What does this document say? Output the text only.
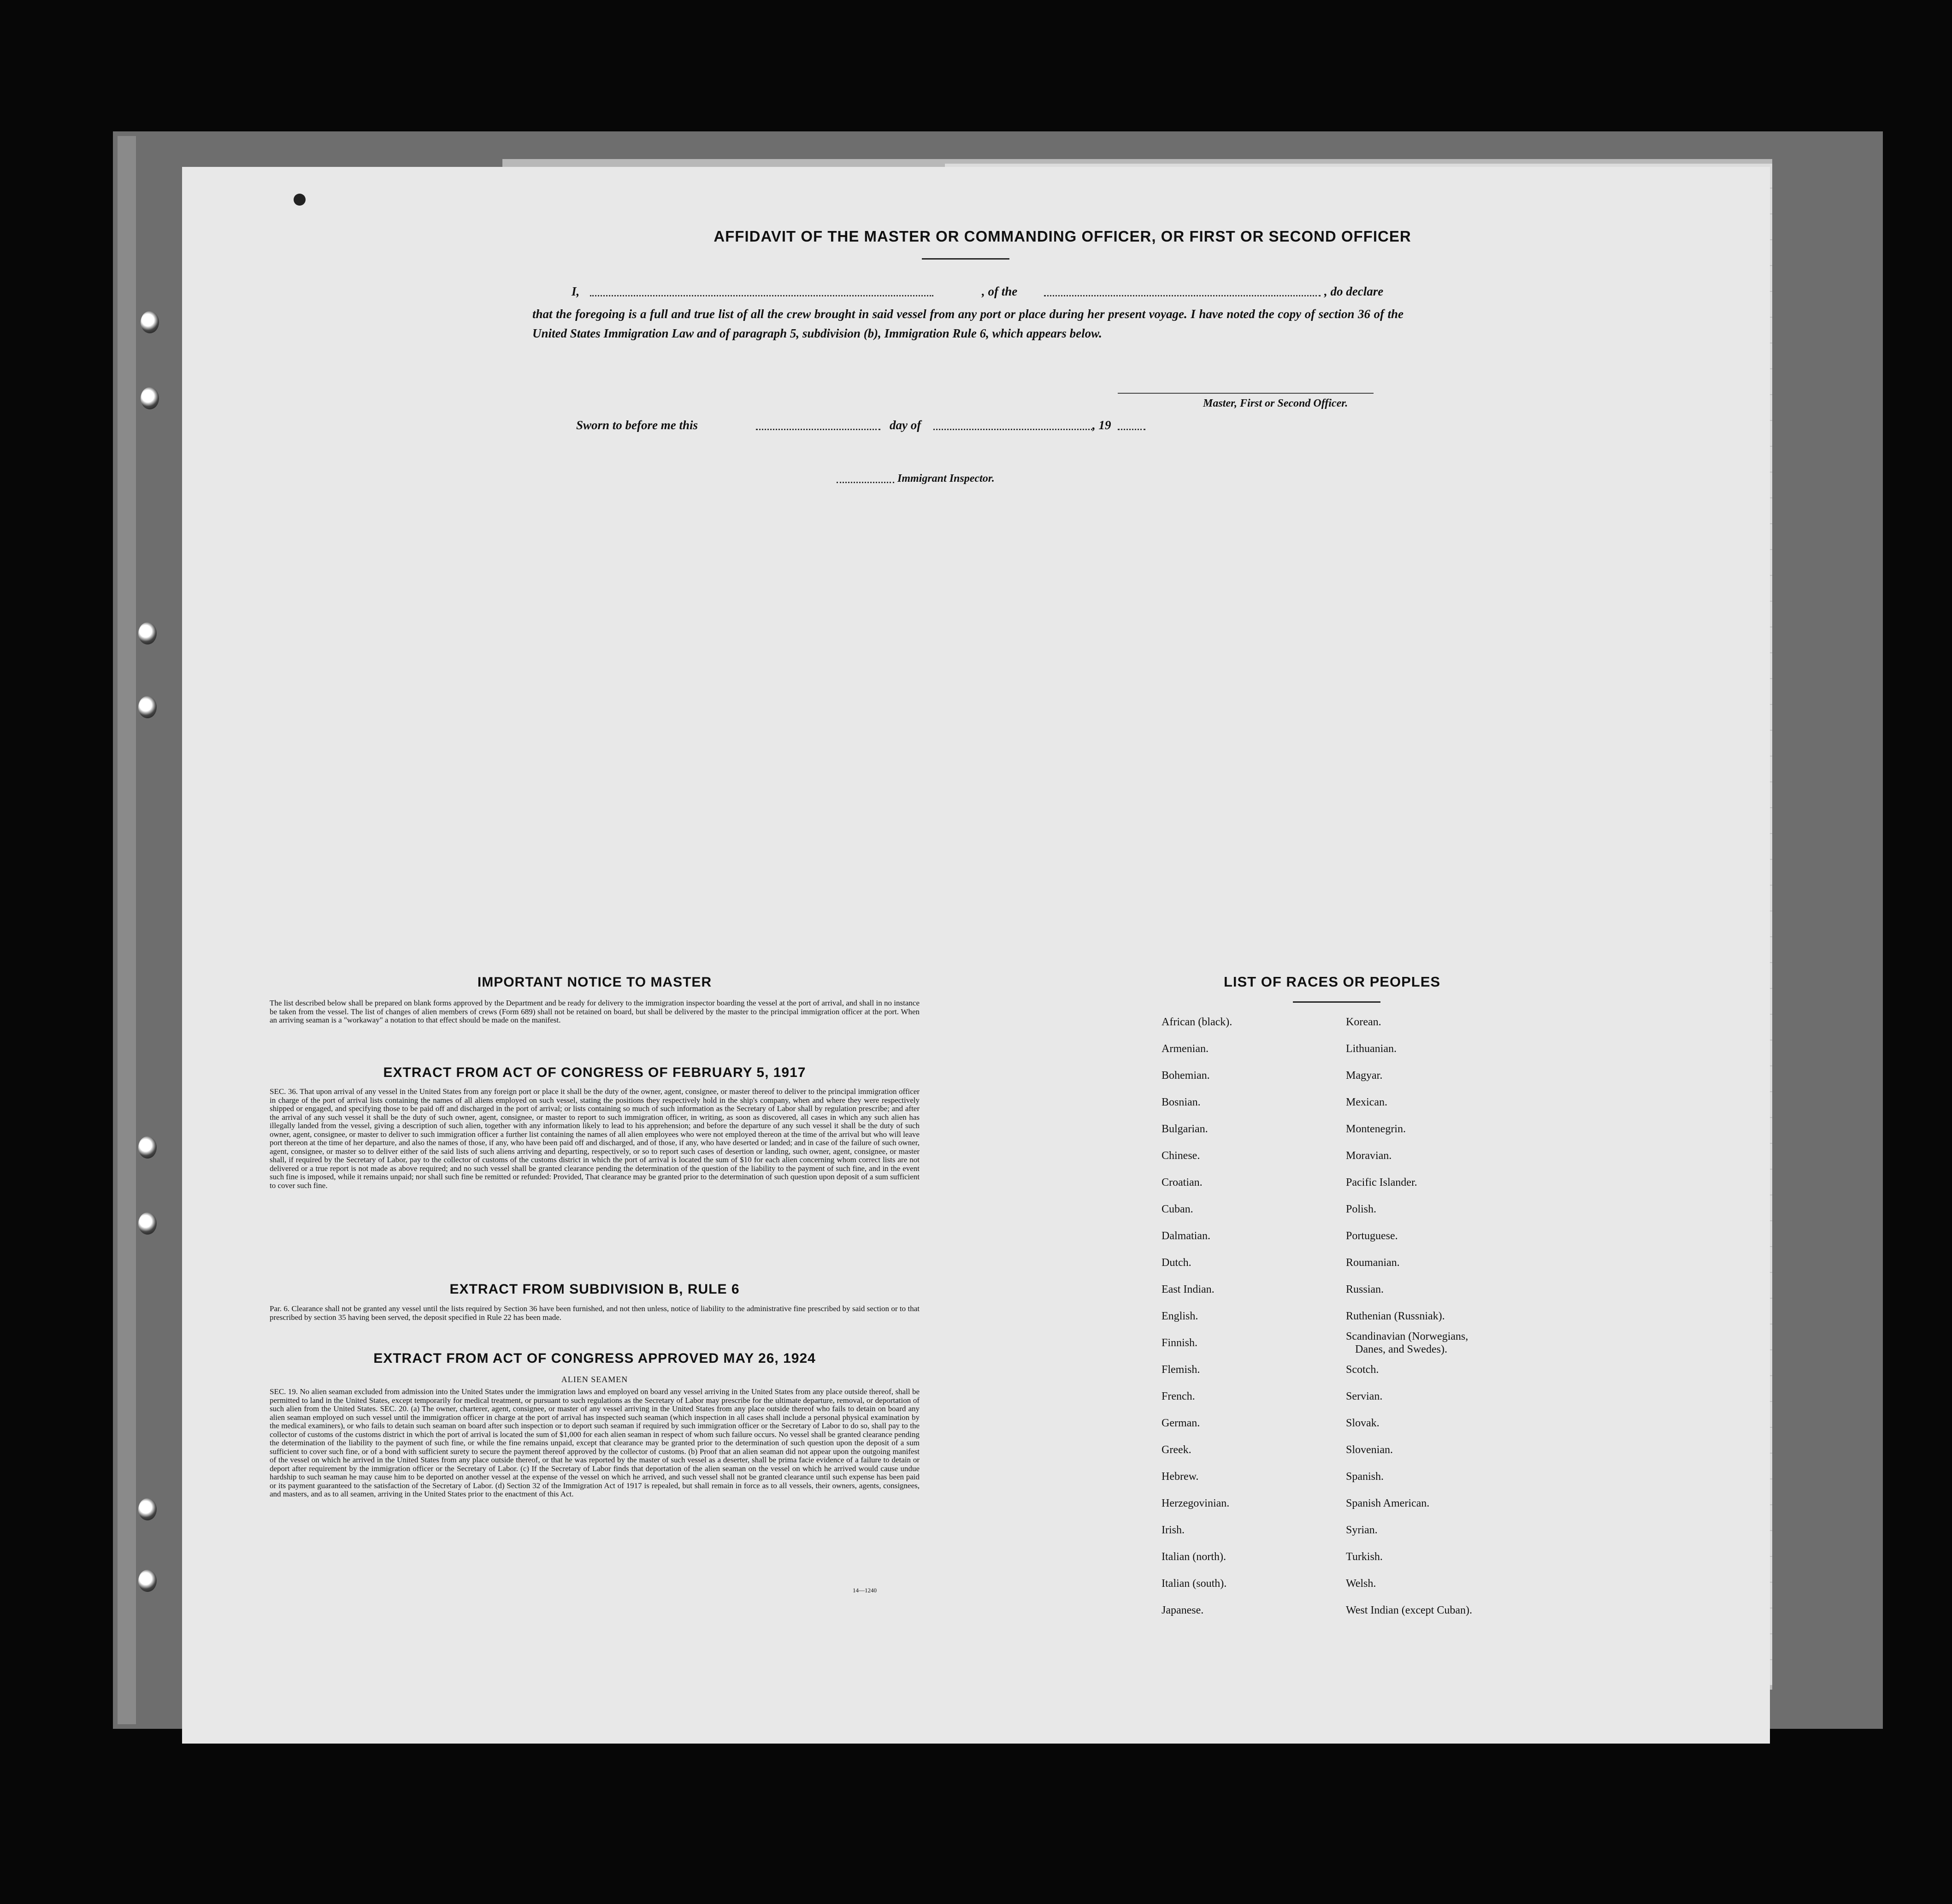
AFFIDAVIT OF THE MASTER OR COMMANDING OFFICER, OR FIRST OR SECOND OFFICER
I,	, of the	, do declare
that the foregoing is a full and true list of all the crew brought in said vessel from any port or place during her present voyage. I have noted the copy of section 36 of the United States Immigration Law and of paragraph 5, subdivision (b), Immigration Rule 6, which appears below.
Master, First or Second Officer.
Sworn to before me this	day of	, 19
Immigrant Inspector.
IMPORTANT NOTICE TO MASTER
The list described below shall be prepared on blank forms approved by the Department and be ready for delivery to the immigration inspector boarding the vessel at the port of arrival, and shall in no instance be taken from the vessel. The list of changes of alien members of crews (Form 689) shall not be retained on board, but shall be delivered by the master to the principal immigration officer at the port. When an arriving seaman is a "workaway" a notation to that effect should be made on the manifest.
EXTRACT FROM ACT OF CONGRESS OF FEBRUARY 5, 1917
SEC. 36. That upon arrival of any vessel in the United States from any foreign port or place it shall be the duty of the owner, agent, consignee, or master thereof to deliver to the principal immigration officer in charge of the port of arrival lists containing the names of all aliens employed on such vessel, stating the positions they respectively hold in the ship's company, when and where they were respectively shipped or engaged, and specifying those to be paid off and discharged in the port of arrival; or lists containing so much of such information as the Secretary of Labor shall by regulation prescribe; and after the arrival of any such vessel it shall be the duty of such owner, agent, consignee, or master to report to such immigration officer, in writing, as soon as discovered, all cases in which any such alien has illegally landed from the vessel, giving a description of such alien, together with any information likely to lead to his apprehension; and before the departure of any such vessel it shall be the duty of such owner, agent, consignee, or master to deliver to such immigration officer a further list containing the names of all alien employees who were not employed thereon at the time of the arrival but who will leave port thereon at the time of her departure, and also the names of those, if any, who have been paid off and discharged, and of those, if any, who have deserted or landed; and in case of the failure of such owner, agent, consignee, or master so to deliver either of the said lists of such aliens arriving and departing, respectively, or so to report such cases of desertion or landing, such owner, agent, consignee, or master shall, if required by the Secretary of Labor, pay to the collector of customs of the customs district in which the port of arrival is located the sum of $10 for each alien concerning whom correct lists are not delivered or a true report is not made as above required; and no such vessel shall be granted clearance pending the determination of the question of the liability to the payment of such fine, and in the event such fine is imposed, while it remains unpaid; nor shall such fine be remitted or refunded: Provided, That clearance may be granted prior to the determination of such question upon deposit of a sum sufficient to cover such fine.
EXTRACT FROM SUBDIVISION B, RULE 6
Par. 6. Clearance shall not be granted any vessel until the lists required by Section 36 have been furnished, and not then unless, notice of liability to the administrative fine prescribed by said section or to that prescribed by section 35 having been served, the deposit specified in Rule 22 has been made.
EXTRACT FROM ACT OF CONGRESS APPROVED MAY 26, 1924
ALIEN SEAMEN
SEC. 19. No alien seaman excluded from admission into the United States under the immigration laws and employed on board any vessel arriving in the United States from any place outside thereof, shall be permitted to land in the United States, except temporarily for medical treatment, or pursuant to such regulations as the Secretary of Labor may prescribe for the ultimate departure, removal, or deportation of such alien from the United States. SEC. 20. (a) The owner, charterer, agent, consignee, or master of any vessel arriving in the United States from any place outside thereof who fails to detain on board any alien seaman employed on such vessel until the immigration officer in charge at the port of arrival has inspected such seaman (which inspection in all cases shall include a personal physical examination by the medical examiners), or who fails to detain such seaman on board after such inspection or to deport such seaman if required by such immigration officer or the Secretary of Labor to do so, shall pay to the collector of customs of the customs district in which the port of arrival is located the sum of $1,000 for each alien seaman in respect of whom such failure occurs. No vessel shall be granted clearance pending the determination of the liability to the payment of such fine, or while the fine remains unpaid, except that clearance may be granted prior to the determination of such question upon the deposit of a sum sufficient to cover such fine, or of a bond with sufficient surety to secure the payment thereof approved by the collector of customs. (b) Proof that an alien seaman did not appear upon the outgoing manifest of the vessel on which he arrived in the United States from any place outside thereof, or that he was reported by the master of such vessel as a deserter, shall be prima facie evidence of a failure to detain or deport after requirement by the immigration officer or the Secretary of Labor. (c) If the Secretary of Labor finds that deportation of the alien seaman on the vessel on which he arrived would cause undue hardship to such seaman he may cause him to be deported on another vessel at the expense of the vessel on which he arrived, and such vessel shall not be granted clearance until such expense has been paid or its payment guaranteed to the satisfaction of the Secretary of Labor. (d) Section 32 of the Immigration Act of 1917 is repealed, but shall remain in force as to all vessels, their owners, agents, consignees, and masters, and as to all seamen, arriving in the United States prior to the enactment of this Act.
14—1240
LIST OF RACES OR PEOPLES
African (black).
Armenian.
Bohemian.
Bosnian.
Bulgarian.
Chinese.
Croatian.
Cuban.
Dalmatian.
Dutch.
East Indian.
English.
Finnish.
Flemish.
French.
German.
Greek.
Hebrew.
Herzegovinian.
Irish.
Italian (north).
Italian (south).
Japanese.
Korean.
Lithuanian.
Magyar.
Mexican.
Montenegrin.
Moravian.
Pacific Islander.
Polish.
Portuguese.
Roumanian.
Russian.
Ruthenian (Russniak).
Scandinavian (Norwegians,
Danes, and Swedes).
Scotch.
Servian.
Slovak.
Slovenian.
Spanish.
Spanish American.
Syrian.
Turkish.
Welsh.
West Indian (except Cuban).
